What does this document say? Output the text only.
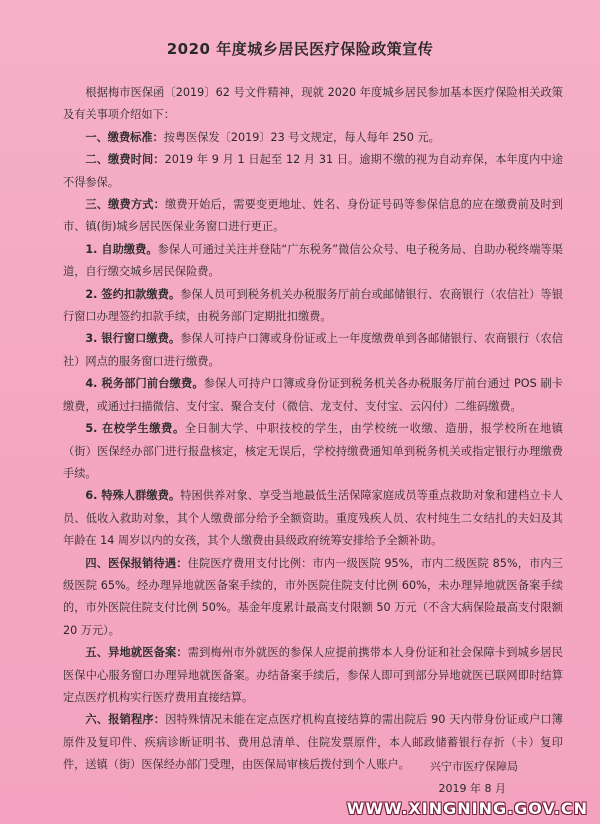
2020 年度城乡居民医疗保险政策宣传

根据梅市医保函〔2019〕62 号文件精神，现就 2020 年度城乡居民参加基本医疗保险相关政策及有关事项介绍如下：

一、缴费标准：按粤医保发〔2019〕23 号文规定，每人每年 250 元。

二、缴费时间：2019 年 9 月 1 日起至 12 月 31 日。逾期不缴的视为自动弃保，本年度内中途不得参保。

三、缴费方式：缴费开始后，需要变更地址、姓名、身份证号码等参保信息的应在缴费前及时到市、镇(街)城乡居民医保业务窗口进行更正。

1. 自助缴费。参保人可通过关注并登陆“广东税务”微信公众号、电子税务局、自助办税终端等渠道，自行缴交城乡居民保险费。

2. 签约扣款缴费。参保人员可到税务机关办税服务厅前台或邮储银行、农商银行（农信社）等银行窗口办理签约扣款手续，由税务部门定期批扣缴费。

3. 银行窗口缴费。参保人可持户口簿或身份证或上一年度缴费单到各邮储银行、农商银行（农信社）网点的服务窗口进行缴费。

4. 税务部门前台缴费。参保人可持户口簿或身份证到税务机关各办税服务厅前台通过 POS 刷卡缴费，或通过扫描微信、支付宝、聚合支付（微信、龙支付、支付宝、云闪付）二维码缴费。

5. 在校学生缴费。全日制大学、中职技校的学生，由学校统一收缴、造册，报学校所在地镇（街）医保经办部门进行报盘核定，核定无误后，学校持缴费通知单到税务机关或指定银行办理缴费手续。

6. 特殊人群缴费。特困供养对象、享受当地最低生活保障家庭成员等重点救助对象和建档立卡人员、低收入救助对象，其个人缴费部分给予全额资助。重度残疾人员、农村纯生二女结扎的夫妇及其年龄在 14 周岁以内的女孩，其个人缴费由县级政府统筹安排给予全额补助。

四、医保报销待遇：住院医疗费用支付比例：市内一级医院 95%，市内二级医院 85%，市内三级医院 65%。经办理异地就医备案手续的，市外医院住院支付比例 60%，未办理异地就医备案手续的，市外医院住院支付比例 50%。基金年度累计最高支付限额 50 万元（不含大病保险最高支付限额 20 万元）。

五、异地就医备案：需到梅州市外就医的参保人应提前携带本人身份证和社会保障卡到城乡居民医保中心服务窗口办理异地就医备案。办结备案手续后，参保人即可到部分异地就医已联网即时结算定点医疗机构实行医疗费用直接结算。

六、报销程序：因特殊情况未能在定点医疗机构直接结算的需出院后 90 天内带身份证或户口簿原件及复印件、疾病诊断证明书、费用总清单、住院发票原件，本人邮政储蓄银行存折（卡）复印件，送镇（街）医保经办部门受理，由医保局审核后拨付到个人账户。	兴宁市医疗保障局
2019 年 8 月
WWW.XINGNING.GOV.CN
